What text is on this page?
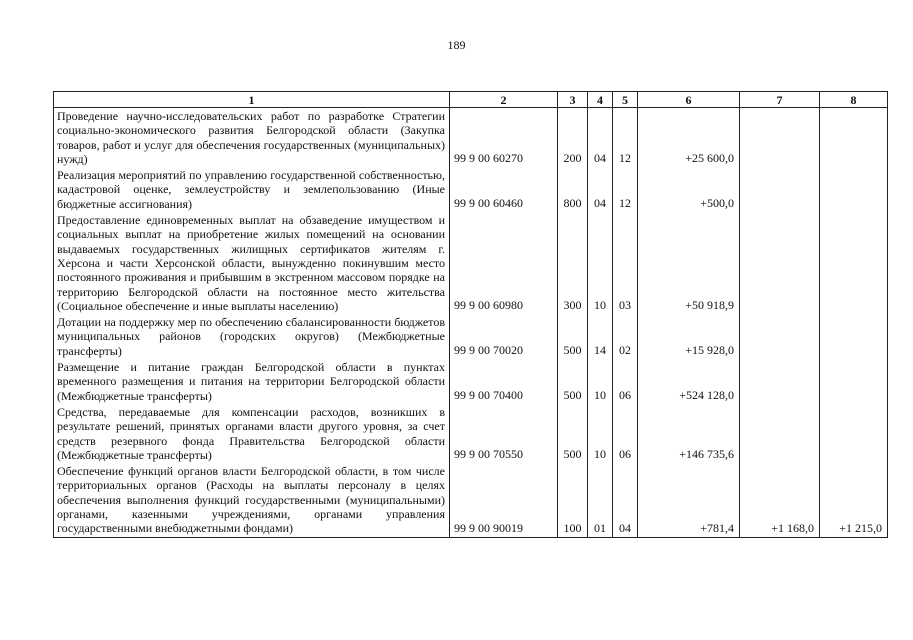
189
1	2	3	4	5	6	7	8
Проведение научно-исследовательских работ по разработке Стратегии социально-экономического развития Белгородской области (Закупка товаров, работ и услуг для обеспечения государственных (муниципальных) нужд)	99 9 00 60270	200	04	12	+25 600,0		
Реализация мероприятий по управлению государственной собственностью, кадастровой оценке, землеустройству и землепользованию (Иные бюджетные ассигнования)	99 9 00 60460	800	04	12	+500,0		
Предоставление единовременных выплат на обзаведение имуществом и социальных выплат на приобретение жилых помещений на основании выдаваемых государственных жилищных сертификатов жителям г. Херсона и части Херсонской области, вынужденно покинувшим место постоянного проживания и прибывшим в экстренном массовом порядке на территорию Белгородской области на постоянное место жительства (Социальное обеспечение и иные выплаты населению)	99 9 00 60980	300	10	03	+50 918,9		
Дотации на поддержку мер по обеспечению сбалансированности бюджетов муниципальных районов (городских округов) (Межбюджетные трансферты)	99 9 00 70020	500	14	02	+15 928,0		
Размещение и питание граждан Белгородской области в пунктах временного размещения и питания на территории Белгородской области (Межбюджетные трансферты)	99 9 00 70400	500	10	06	+524 128,0		
Средства, передаваемые для компенсации расходов, возникших в результате решений, принятых органами власти другого уровня, за счет средств резервного фонда Правительства Белгородской области (Межбюджетные трансферты)	99 9 00 70550	500	10	06	+146 735,6		
Обеспечение функций органов власти Белгородской области, в том числе территориальных органов (Расходы на выплаты персоналу в целях обеспечения выполнения функций государственными (муниципальными) органами, казенными учреждениями, органами управления государственными внебюджетными фондами)	99 9 00 90019	100	01	04	+781,4	+1 168,0	+1 215,0
